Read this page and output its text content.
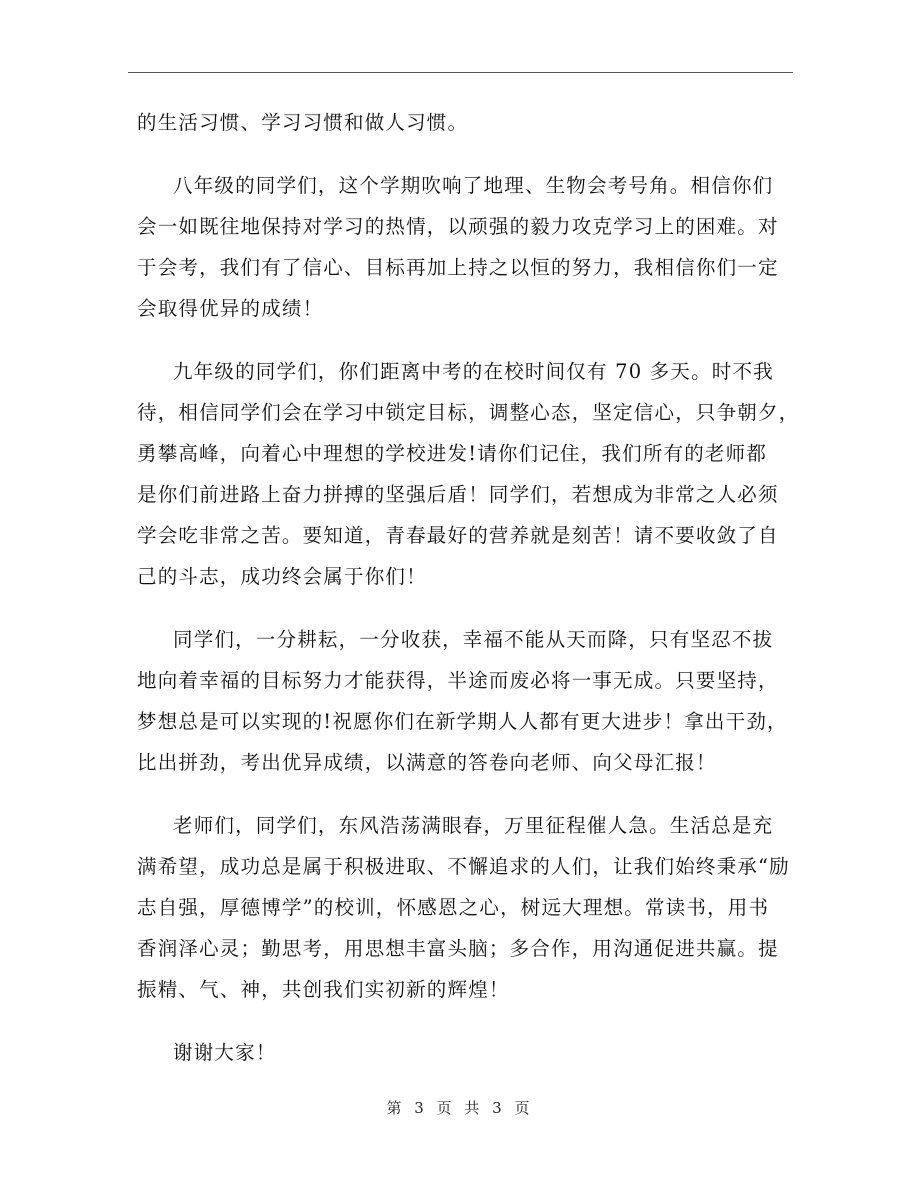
的生活习惯、学习习惯和做人习惯。

八年级的同学们，这个学期吹响了地理、生物会考号角。相信你们
会一如既往地保持对学习的热情，以顽强的毅力攻克学习上的困难。对
于会考，我们有了信心、目标再加上持之以恒的努力，我相信你们一定
会取得优异的成绩！

九年级的同学们，你们距离中考的在校时间仅有 70 多天。时不我
待，相信同学们会在学习中锁定目标，调整心态，坚定信心，只争朝夕，
勇攀高峰，向着心中理想的学校进发!请你们记住，我们所有的老师都
是你们前进路上奋力拼搏的坚强后盾！同学们，若想成为非常之人必须
学会吃非常之苦。要知道，青春最好的营养就是刻苦！请不要收敛了自
己的斗志，成功终会属于你们！

同学们，一分耕耘，一分收获，幸福不能从天而降，只有坚忍不拔
地向着幸福的目标努力才能获得，半途而废必将一事无成。只要坚持，
梦想总是可以实现的!祝愿你们在新学期人人都有更大进步！拿出干劲，
比出拼劲，考出优异成绩，以满意的答卷向老师、向父母汇报！

老师们，同学们，东风浩荡满眼春，万里征程催人急。生活总是充
满希望，成功总是属于积极进取、不懈追求的人们，让我们始终秉承“励
志自强，厚德博学”的校训，怀感恩之心，树远大理想。常读书，用书
香润泽心灵；勤思考，用思想丰富头脑；多合作，用沟通促进共赢。提
振精、气、神，共创我们实初新的辉煌！

谢谢大家！

第 3 页 共 3 页
